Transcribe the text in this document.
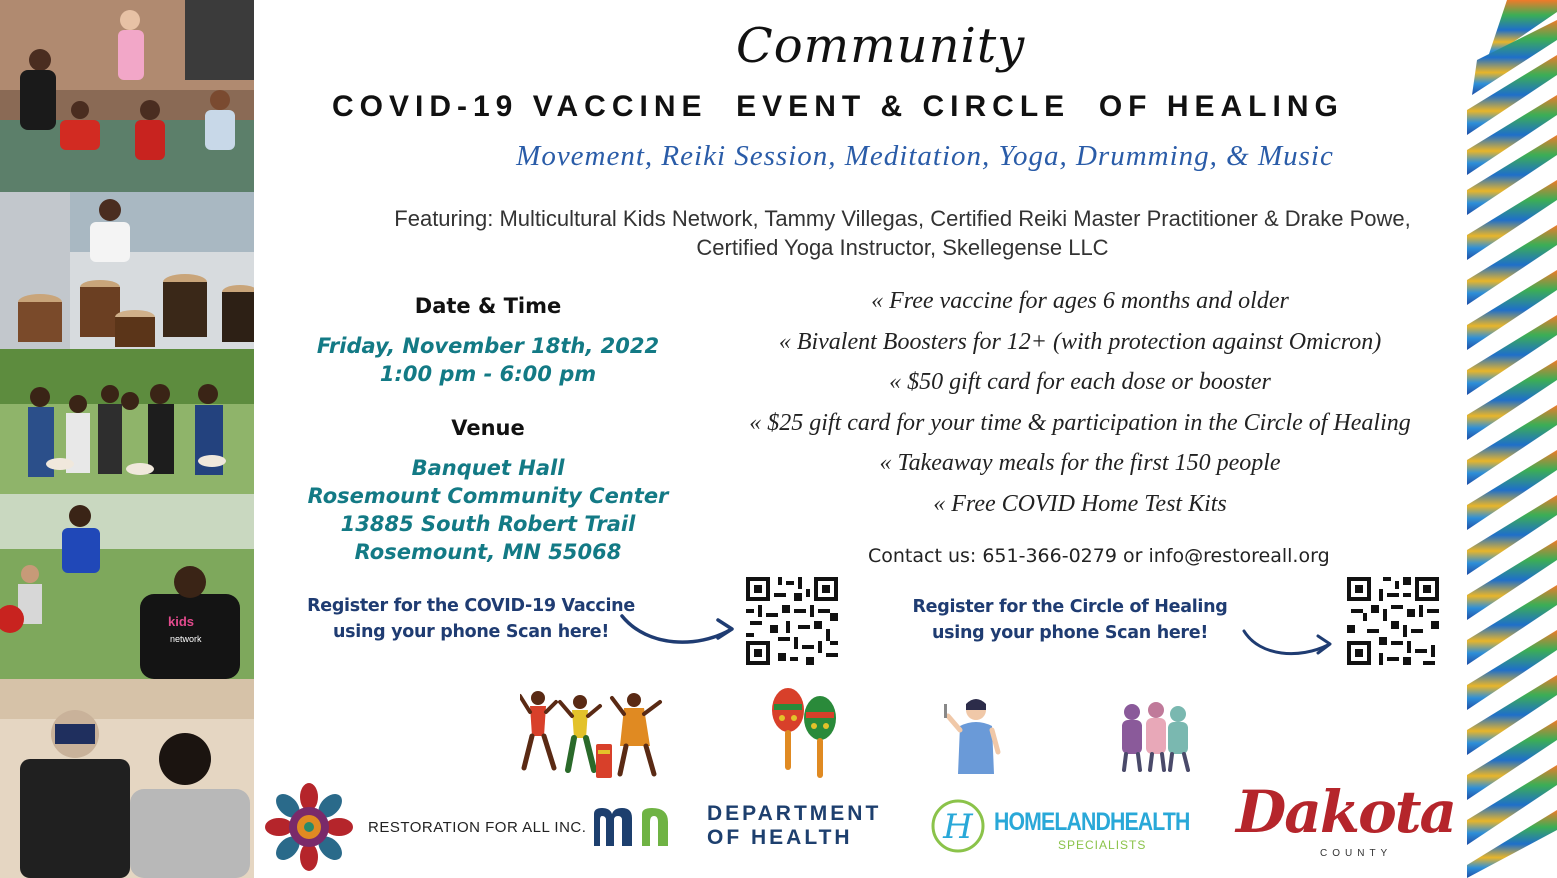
kids
network
Community
COVID-19 VACCINE  EVENT & CIRCLE  OF HEALING
Movement, Reiki Session, Meditation, Yoga, Drumming, & Music
Featuring: Multicultural Kids Network, Tammy Villegas, Certified Reiki Master Practitioner & Drake Powe,
Certified Yoga Instructor, Skellegense LLC
Date & Time
Friday, November 18th, 2022
1:00 pm - 6:00 pm
Venue
Banquet Hall
Rosemount Community Center
13885 South Robert Trail
Rosemount, MN 55068
« Free vaccine for ages 6 months and older
« Bivalent Boosters for 12+ (with protection against Omicron)
« $50 gift card for each dose or booster
« $25 gift card for your time & participation in the Circle of Healing
« Takeaway meals for the first 150 people
« Free COVID Home Test Kits
Contact us: 651-366-0279 or info@restoreall.org
Register for the COVID-19 Vaccine
using your phone Scan here!
Register for the Circle of Healing
using your phone Scan here!
RESTORATION FOR ALL INC.
DEPARTMENT
OF HEALTH	H HOMELANDHEALTH
SPECIALISTS Dakota
COUNTY
